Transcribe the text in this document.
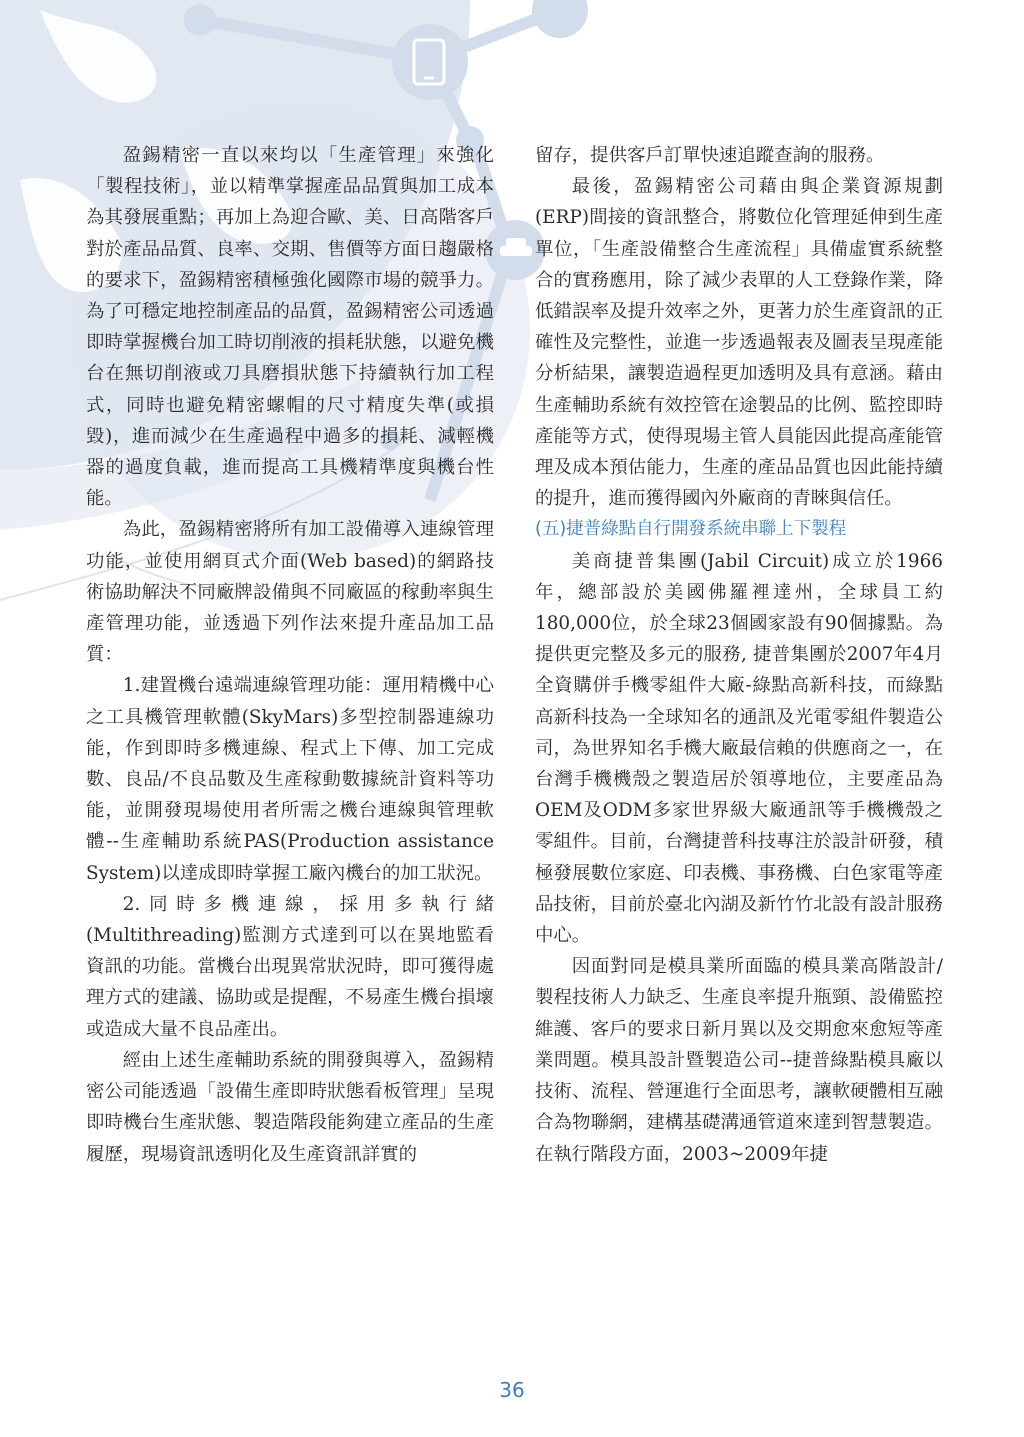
盈錫精密一直以來均以「生產管理」來強化「製程技術」，並以精準掌握產品品質與加工成本為其發展重點；再加上為迎合歐、美、日高階客戶對於產品品質、良率、交期、售價等方面日趨嚴格的要求下，盈錫精密積極強化國際市場的競爭力。為了可穩定地控制產品的品質，盈錫精密公司透過即時掌握機台加工時切削液的損耗狀態，以避免機台在無切削液或刀具磨損狀態下持續執行加工程式，同時也避免精密螺帽的尺寸精度失準(或損毀)，進而減少在生產過程中過多的損耗、減輕機器的過度負載，進而提高工具機精準度與機台性能。

為此，盈錫精密將所有加工設備導入連線管理功能，並使用網頁式介面(Web based)的網路技術協助解決不同廠牌設備與不同廠區的稼動率與生產管理功能，並透過下列作法來提升產品加工品質：

1.建置機台遠端連線管理功能：運用精機中心之工具機管理軟體(SkyMars)多型控制器連線功能，作到即時多機連線、程式上下傳、加工完成數、良品/不良品數及生產稼動數據統計資料等功能，並開發現場使用者所需之機台連線與管理軟體--生產輔助系統PAS(Production assistance System)以達成即時掌握工廠內機台的加工狀況。

2.同時多機連線，採用多執行緒(Multithreading)監測方式達到可以在異地監看資訊的功能。當機台出現異常狀況時，即可獲得處理方式的建議、協助或是提醒，不易產生機台損壞或造成大量不良品產出。

經由上述生產輔助系統的開發與導入，盈錫精密公司能透過「設備生產即時狀態看板管理」呈現即時機台生產狀態、製造階段能夠建立產品的生產履歷，現場資訊透明化及生產資訊詳實的

留存，提供客戶訂單快速追蹤查詢的服務。

最後，盈錫精密公司藉由與企業資源規劃(ERP)間接的資訊整合，將數位化管理延伸到生產單位，「生產設備整合生產流程」具備虛實系統整合的實務應用，除了減少表單的人工登錄作業，降低錯誤率及提升效率之外，更著力於生產資訊的正確性及完整性，並進一步透過報表及圖表呈現產能分析結果，讓製造過程更加透明及具有意涵。藉由生產輔助系統有效控管在途製品的比例、監控即時產能等方式，使得現場主管人員能因此提高產能管理及成本預估能力，生產的產品品質也因此能持續的提升，進而獲得國內外廠商的青睞與信任。

(五)捷普綠點自行開發系統串聯上下製程

美商捷普集團(Jabil Circuit)成立於1966年，總部設於美國佛羅裡達州，全球員工約180,000位，於全球23個國家設有90個據點。為提供更完整及多元的服務, 捷普集團於2007年4月全資購併手機零組件大廠-綠點高新科技，而綠點高新科技為一全球知名的通訊及光電零組件製造公司，為世界知名手機大廠最信賴的供應商之一，在台灣手機機殼之製造居於領導地位，主要產品為OEM及ODM多家世界級大廠通訊等手機機殼之零組件。目前，台灣捷普科技專注於設計研發，積極發展數位家庭、印表機、事務機、白色家電等產品技術，目前於臺北內湖及新竹竹北設有設計服務中心。

因面對同是模具業所面臨的模具業高階設計/製程技術人力缺乏、生產良率提升瓶頸、設備監控維護、客戶的要求日新月異以及交期愈來愈短等產業問題。模具設計暨製造公司--捷普綠點模具廠以技術、流程、營運進行全面思考，讓軟硬體相互融合為物聯網，建構基礎溝通管道來達到智慧製造。在執行階段方面，2003~2009年捷

36
